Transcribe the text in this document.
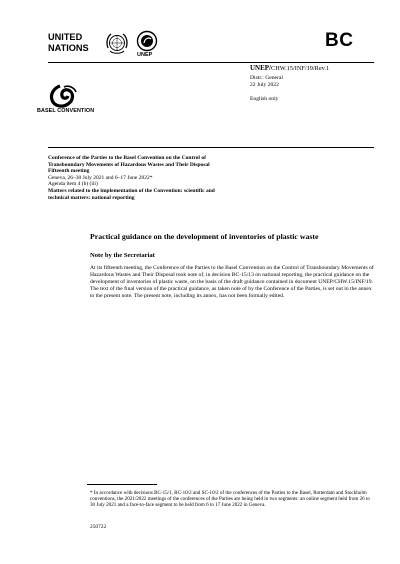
UNITED
NATIONS
UNEP
BC
UNEP/CHW.15/INF/19/Rev.1
Distr.: General
22 July 2022
English only
BASEL CONVENTION
Conference of the Parties to the Basel Convention on the Control of Transboundary Movements of Hazardous Wastes and Their Disposal
Fifteenth meeting
Geneva, 26–30 July 2021 and 6–17 June 2022*
Agenda item 4 (b) (iii)
Matters related to the implementation of the Convention: scientific and technical matters: national reporting
Practical guidance on the development of inventories of plastic waste
Note by the Secretariat
At its fifteenth meeting, the Conference of the Parties to the Basel Convention on the Control of Transboundary Movements of Hazardous Wastes and Their Disposal took note of, in decision BC-15/13 on national reporting, the practical guidance on the development of inventories of plastic waste, on the basis of the draft guidance contained in document UNEP/CHW.15/INF/19. The text of the final version of the practical guidance, as taken note of by the Conference of the Parties, is set out in the annex to the present note. The present note, including its annex, has not been formally edited.
* In accordance with decisions BC-15/1, RC-10/2 and SC-10/2 of the conferences of the Parties to the Basel, Rotterdam and Stockholm conventions, the 2021/2022 meetings of the conferences of the Parties are being held in two segments: an online segment held from 26 to 30 July 2021 and a face-to-face segment to be held from 6 to 17 June 2022 in Geneva.
250722
